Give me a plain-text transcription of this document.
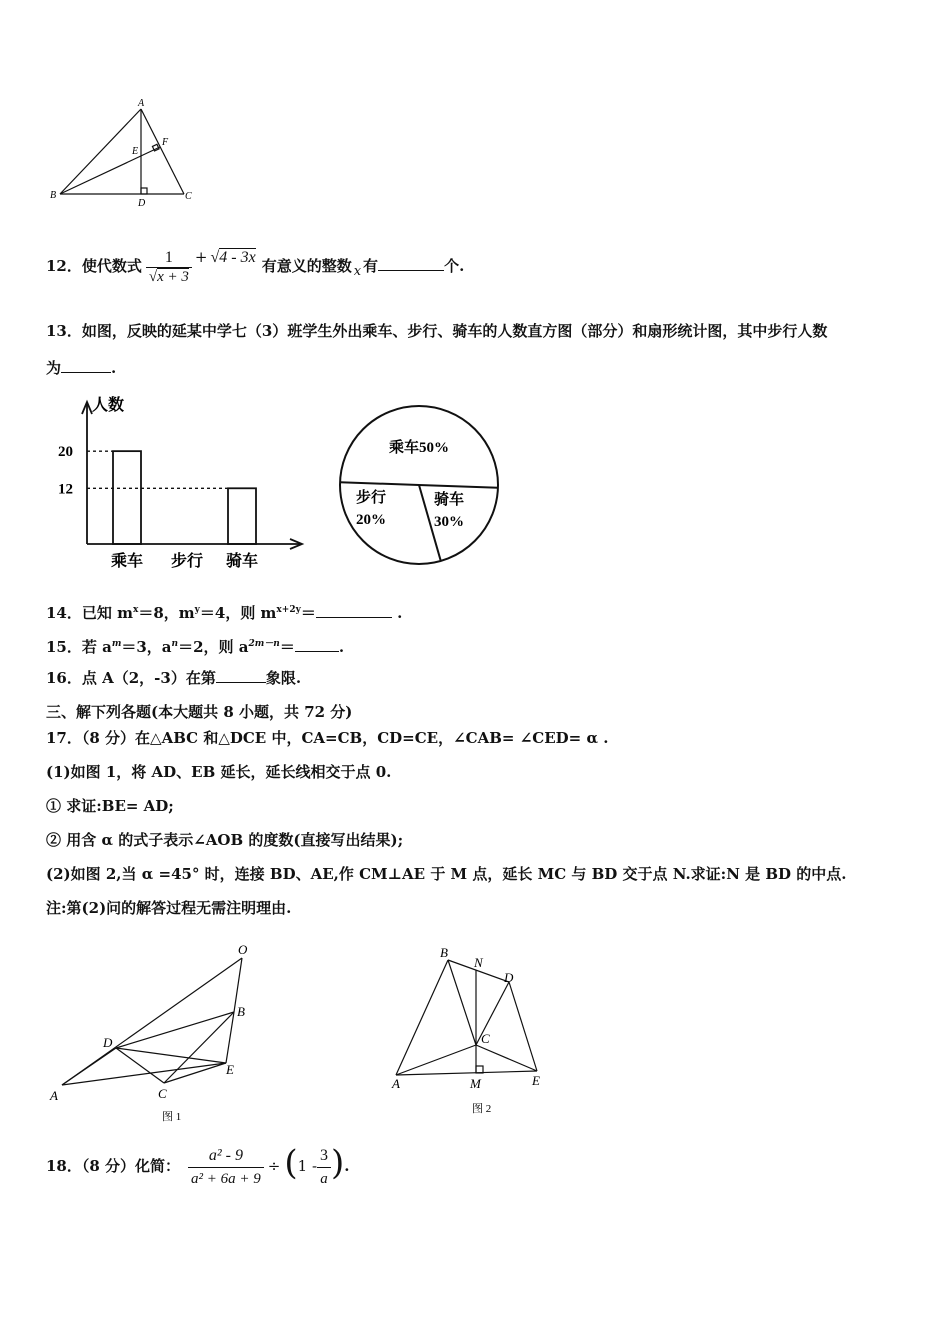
A
B	C
D
E
F
12．使代数式 $\frac{1}{√x + 3} + √4 - 3x$ 有意义的整数 x 有	个.
13．如图，反映的延某中学七（3）班学生外出乘车、步行、骑车的人数直方图（部分）和扇形统计图，其中步行人数
为	.
12
20
乘车 步行 骑车
人数
乘车50%
步行
20%
骑车
30%
14．已知 $m^x=8$，$m^y=4$，则 $m^{x+2y}=$	.
15．若 $a^m=3$，$a^n=2$，则 $a^{2m-n}=$	.
16．点 A（2，-3）在第	象限.
三、解下列各题(本大题共 8 小题，共 72 分)
17．（8 分）在△ABC 和△DCE 中，CA=CB，CD=CE，∠CAB= ∠CED= α .
(1)如图 1，将 AD、EB 延长，延长线相交于点 0.
① 求证:BE= AD;
② 用含 α 的式子表示∠AOB 的度数(直接写出结果);
(2)如图 2,当 α =45° 时，连接 BD、AE,作 CM⊥AE 于 M 点，延长 MC 与 BD 交于点 N.求证:N 是 BD 的中点.
注:第(2)问的解答过程无需注明理由.
O
B
D
E
A	C
图 1
B
N
D
C
A	M	E
图 2
18．（8 分）化简： $\frac{\text{a² - 9}}{\text{a² + 6a + 9}} \div (1 - \frac{3}{a}$ ).
